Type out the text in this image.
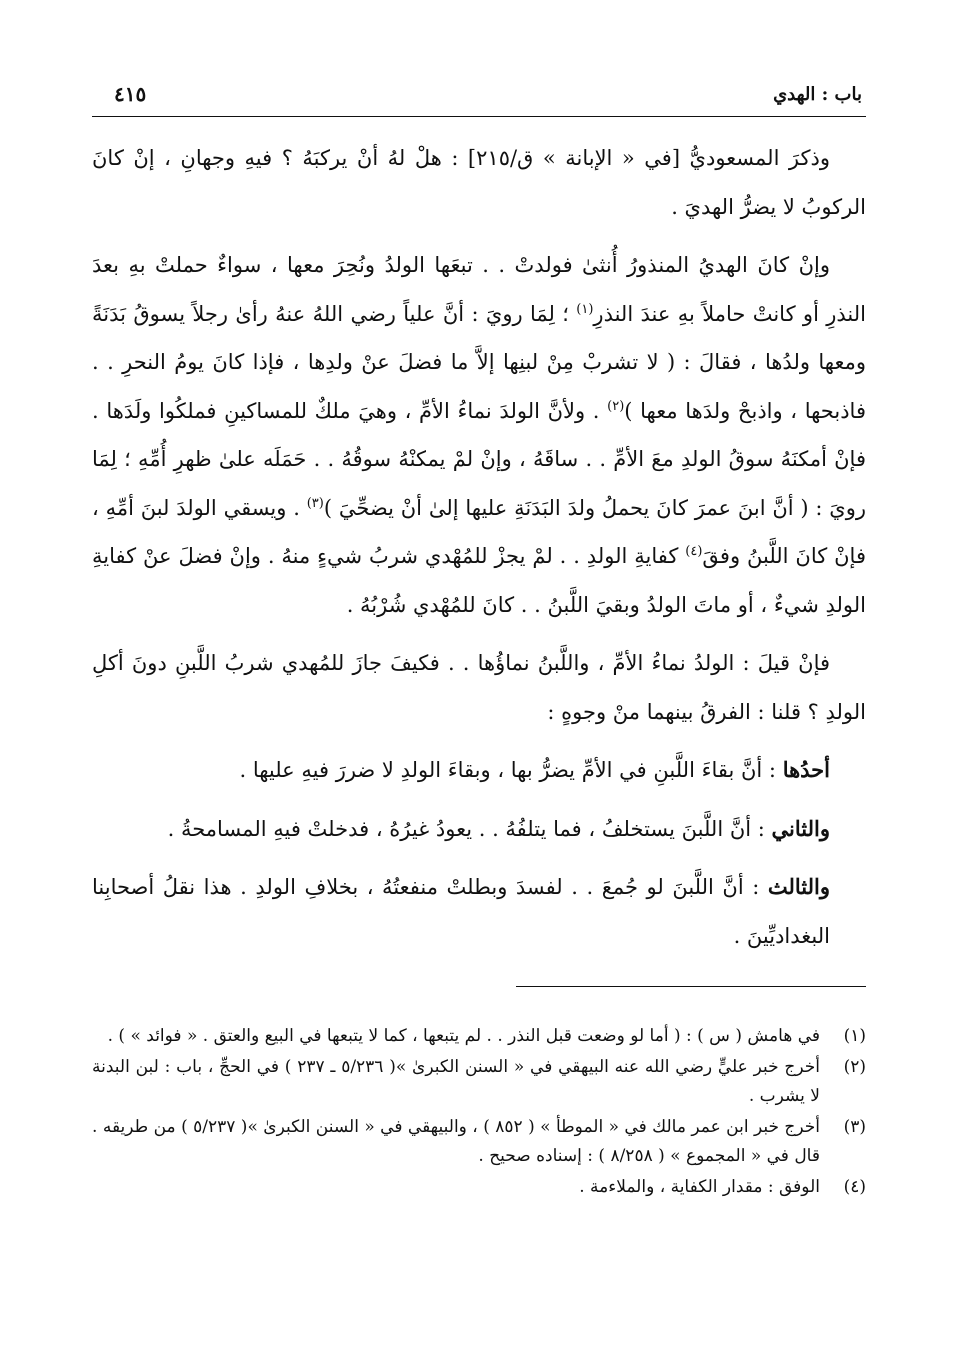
باب : الهدي
٤١٥

وذكرَ المسعوديُّ [في « الإبانة » ق/٢١٥] : هلْ لهُ أنْ يركبَهُ ؟ فيهِ وجهانِ ، إنْ كانَ الركوبُ لا يضرُّ الهديَ .

وإنْ كانَ الهديُ المنذورُ أُنثىٰ فولدتْ . . تبعَها الولدُ ونُحِرَ معها ، سواءٌ حملتْ بهِ بعدَ النذرِ أو كانتْ حاملاً بهِ عندَ النذرِ$^{(١)}$ ؛ لِمَا رويَ : أنَّ علياً رضي اللهُ عنهُ رأىٰ رجلاً يسوقُ بَدَنَةً ومعها ولدُها ، فقالَ : ( لا تشربْ مِنْ لبنِها إلاَّ ما فضلَ عنْ ولدِها ، فإذا كانَ يومُ النحرِ . . فاذبحها ، واذبحْ ولدَها معها )$^{(٢)}$ . ولأنَّ الولدَ نماءُ الأمِّ ، وهيَ ملكٌ للمساكينِ فملكُوا ولَدَها . فإنْ أمكنَهُ سوقُ الولدِ معَ الأمِّ . . ساقَهُ ، وإنْ لمْ يمكنْهُ سوقُهُ . . حَمَلَه علىٰ ظهرِ أُمِّهِ ؛ لِمَا رويَ : ( أنَّ ابنَ عمرَ كانَ يحملُ ولدَ البَدَنَةِ عليها إلىٰ أنْ يضحِّيَ )$^{(٣)}$ . ويسقي الولدَ لبنَ أمِّهِ ، فإنْ كانَ اللَّبنُ وفقَ$^{(٤)}$ كفايةِ الولدِ . . لمْ يجزْ للمُهْدي شربُ شيءٍ منهُ . وإنْ فضلَ عنْ كفايةِ الولدِ شيءٌ ، أو ماتَ الولدُ وبقيَ اللَّبنُ . . كانَ للمُهْدي شُرْبُهُ .

فإنْ قيلَ : الولدُ نماءُ الأمِّ ، واللَّبنُ نماؤُها . . فكيفَ جازَ للمُهدي شربُ اللَّبنِ دونَ أكلِ الولدِ ؟ قلنا : الفرقُ بينهما منْ وجوهٍ :

أحدُها : أنَّ بقاءَ اللَّبنِ في الأمِّ يضرُّ بها ، وبقاءَ الولدِ لا ضررَ فيهِ عليها .

والثاني : أنَّ اللَّبنَ يستخلفُ ، فما يتلفُهُ . . يعودُ غيرُهُ ، فدخلتْ فيهِ المسامحةُ .

والثالث : أنَّ اللَّبنَ لو جُمعَ . . لفسدَ وبطلتْ منفعتُهُ ، بخلافِ الولدِ . هذا نقلُ أصحابِنا البغداديِّينَ .

(١)
في هامش ( س ) : ( أما لو وضعت قبل النذر . . لم يتبعها ، كما لا يتبعها في البيع والعتق . « فوائد » ) .
(٢)
أخرج خبر عليٍّ رضي الله عنه البيهقي في « السنن الكبرىٰ »( ٥/٢٣٦ ـ ٢٣٧ ) في الحجِّ ، باب : لبن البدنة لا يشرب .
(٣)
أخرج خبر ابن عمر مالك في « الموطأ » ( ٨٥٢ ) ، والبيهقي في « السنن الكبرىٰ »( ٥/٢٣٧ ) من طريقه . قال في « المجموع » ( ٨/٢٥٨ ) : إسناده صحيح .
(٤)
الوفق : مقدار الكفاية ، والملاءمة .
